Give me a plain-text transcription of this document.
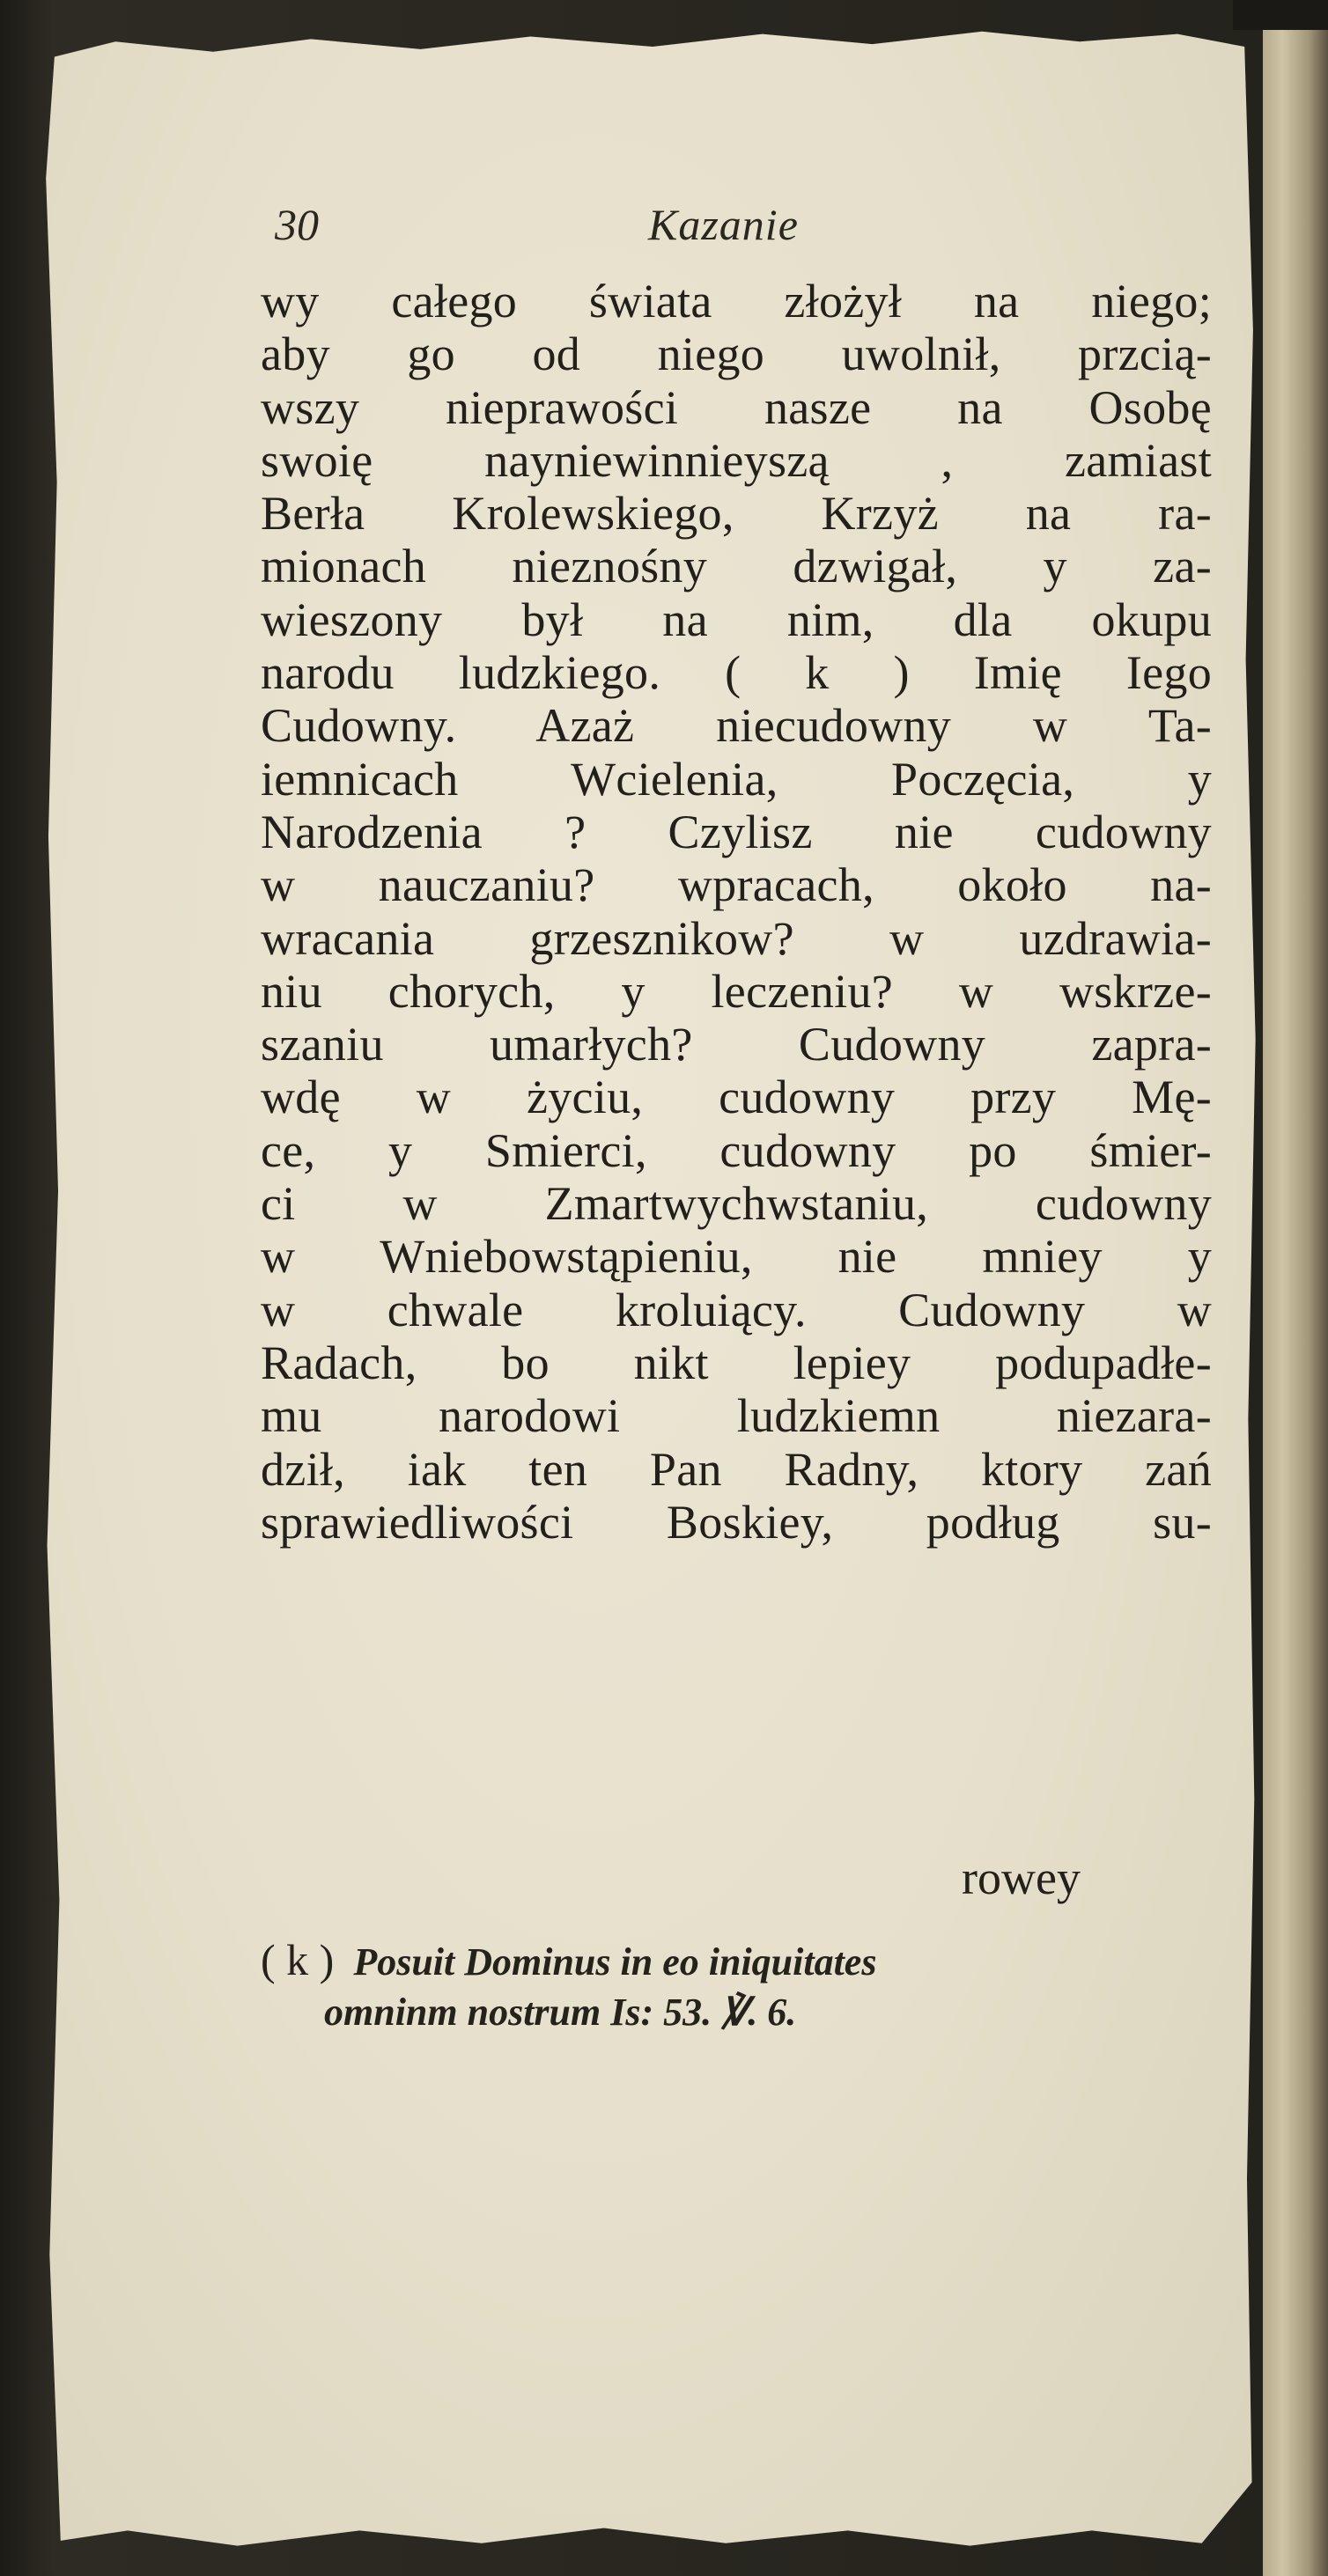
30	Kazanie
wy całego świata złożył na niego;
aby go od niego uwolnił, przcią-
wszy nieprawości nasze na Osobę
swoię nayniewinnieyszą , zamiast
Berła Krolewskiego, Krzyż na ra-
mionach nieznośny dzwigał, y za-
wieszony był na nim, dla okupu
narodu ludzkiego. ( k ) Imię Iego
Cudowny. Azaż niecudowny w Ta-
iemnicach Wcielenia, Poczęcia, y
Narodzenia ? Czylisz nie cudowny
w nauczaniu? wpracach, około na-
wracania grzesznikow? w uzdrawia-
niu chorych, y leczeniu? w wskrze-
szaniu umarłych? Cudowny zapra-
wdę w życiu, cudowny przy Mę-
ce, y Smierci, cudowny po śmier-
ci w Zmartwychwstaniu, cudowny
w Wniebowstąpieniu, nie mniey y
w chwale kroluiący. Cudowny w
Radach, bo nikt lepiey podupadłe-
mu narodowi ludzkiemn niezara-
dził, iak ten Pan Radny, ktory zań
sprawiedliwości Boskiey, podług su-
rowey
( k ) Posuit Dominus in eo iniquitates
omninm nostrum Is: 53. ℣. 6.
